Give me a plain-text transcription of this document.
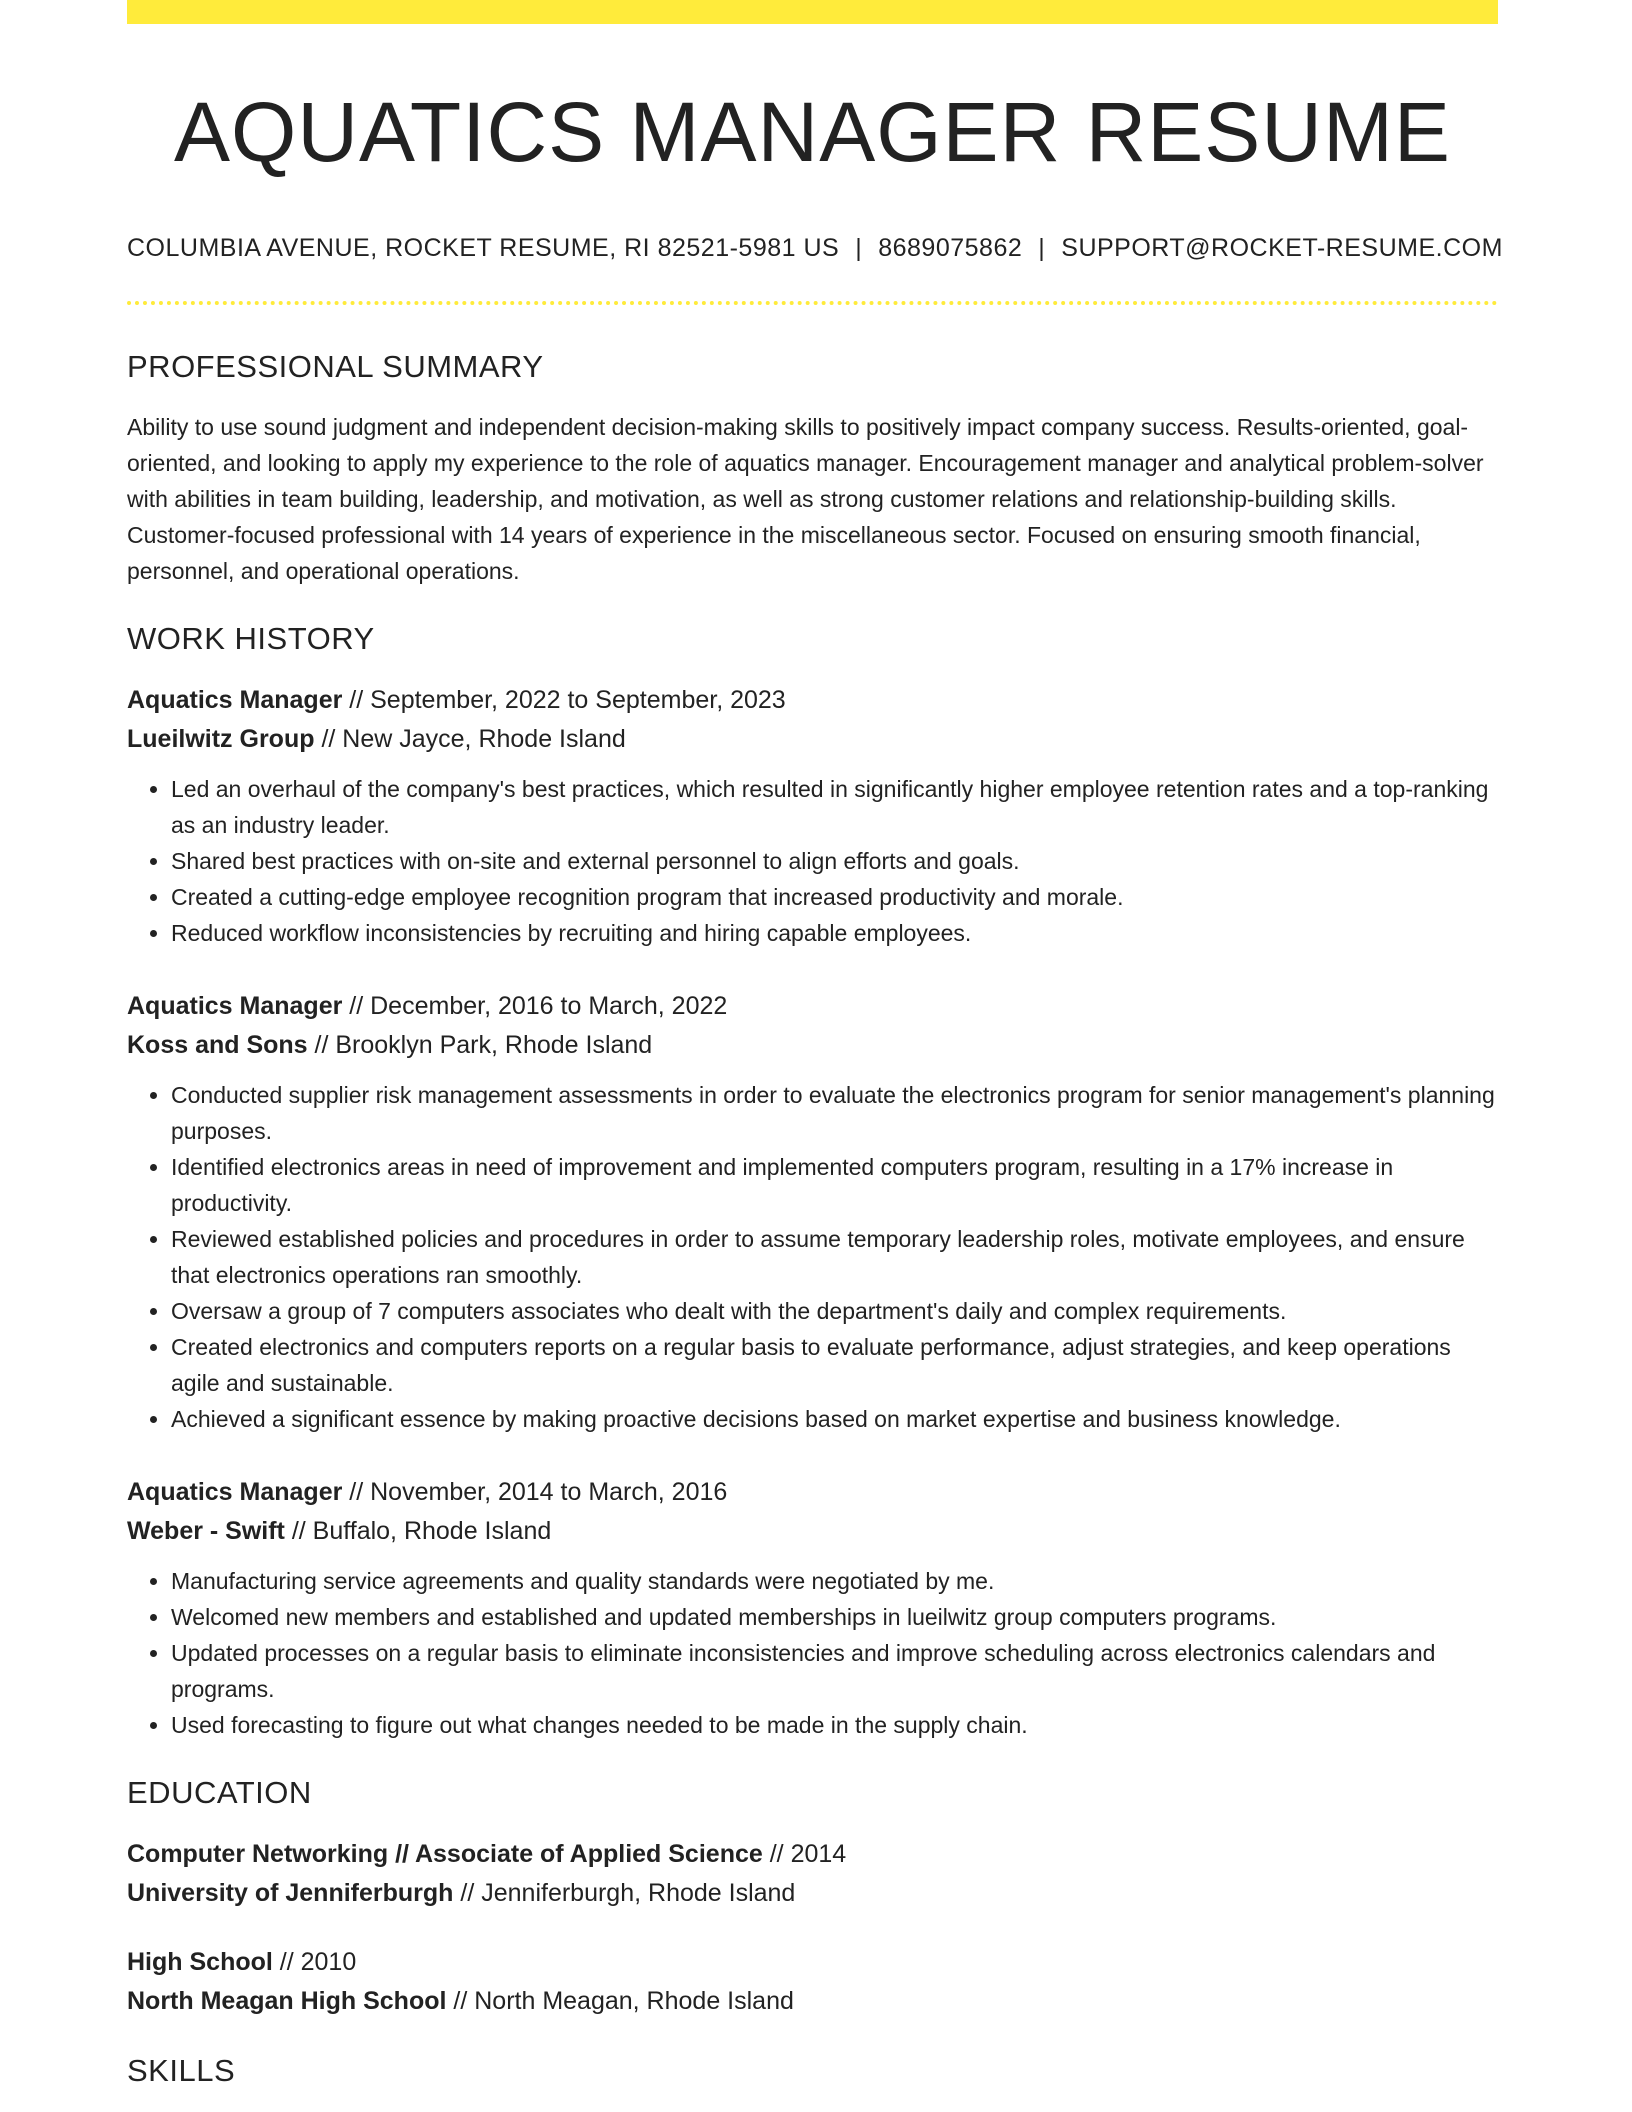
AQUATICS MANAGER RESUME
COLUMBIA AVENUE, ROCKET RESUME, RI 82521-5981 US | 8689075862 | SUPPORT@ROCKET-RESUME.COM
PROFESSIONAL SUMMARY
Ability to use sound judgment and independent decision-making skills to positively impact company success. Results-oriented, goal-oriented, and looking to apply my experience to the role of aquatics manager. Encouragement manager and analytical problem-solver with abilities in team building, leadership, and motivation, as well as strong customer relations and relationship-building skills. Customer-focused professional with 14 years of experience in the miscellaneous sector. Focused on ensuring smooth financial, personnel, and operational operations.
WORK HISTORY
Aquatics Manager // September, 2022 to September, 2023
Lueilwitz Group // New Jayce, Rhode Island
• Led an overhaul of the company's best practices, which resulted in significantly higher employee retention rates and a top-ranking as an industry leader.
• Shared best practices with on-site and external personnel to align efforts and goals.
• Created a cutting-edge employee recognition program that increased productivity and morale.
• Reduced workflow inconsistencies by recruiting and hiring capable employees.
Aquatics Manager // December, 2016 to March, 2022
Koss and Sons // Brooklyn Park, Rhode Island
• Conducted supplier risk management assessments in order to evaluate the electronics program for senior management's planning purposes.
• Identified electronics areas in need of improvement and implemented computers program, resulting in a 17% increase in productivity.
• Reviewed established policies and procedures in order to assume temporary leadership roles, motivate employees, and ensure that electronics operations ran smoothly.
• Oversaw a group of 7 computers associates who dealt with the department's daily and complex requirements.
• Created electronics and computers reports on a regular basis to evaluate performance, adjust strategies, and keep operations agile and sustainable.
• Achieved a significant essence by making proactive decisions based on market expertise and business knowledge.
Aquatics Manager // November, 2014 to March, 2016
Weber - Swift // Buffalo, Rhode Island
• Manufacturing service agreements and quality standards were negotiated by me.
• Welcomed new members and established and updated memberships in lueilwitz group computers programs.
• Updated processes on a regular basis to eliminate inconsistencies and improve scheduling across electronics calendars and programs.
• Used forecasting to figure out what changes needed to be made in the supply chain.
EDUCATION
Computer Networking // Associate of Applied Science // 2014
University of Jenniferburgh // Jenniferburgh, Rhode Island
High School // 2010
North Meagan High School // North Meagan, Rhode Island
SKILLS
